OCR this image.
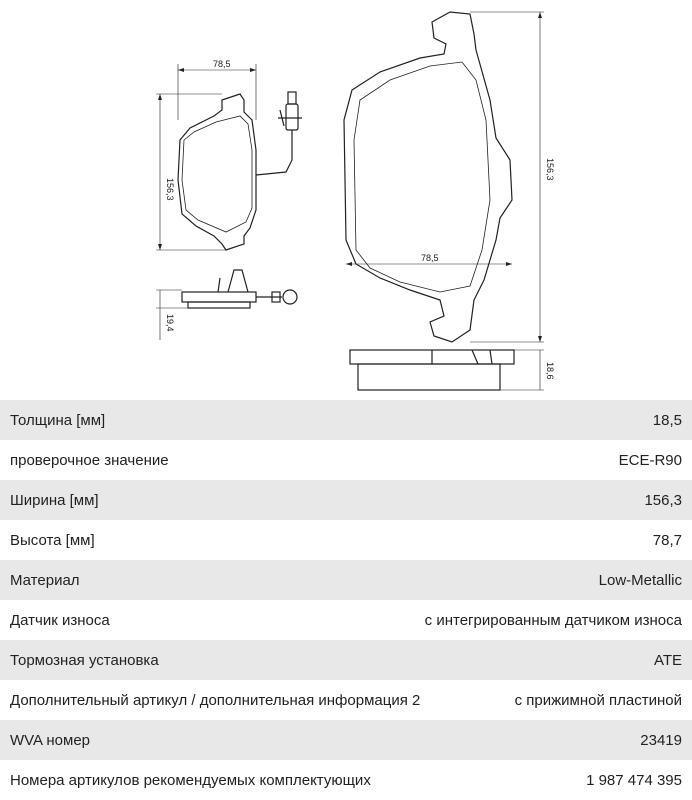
78,5
156,3
19,4
78,5
156,3
18,6
Толщина [мм]	18,5
проверочное значение	ECE-R90
Ширина [мм]	156,3
Высота [мм]	78,7
Материал	Low-Metallic
Датчик износа	с интегрированным датчиком износа
Тормозная установка	ATE
Дополнительный артикул / дополнительная информация 2	с прижимной пластиной
WVA номер	23419
Номера артикулов рекомендуемых комплектующих	1 987 474 395
